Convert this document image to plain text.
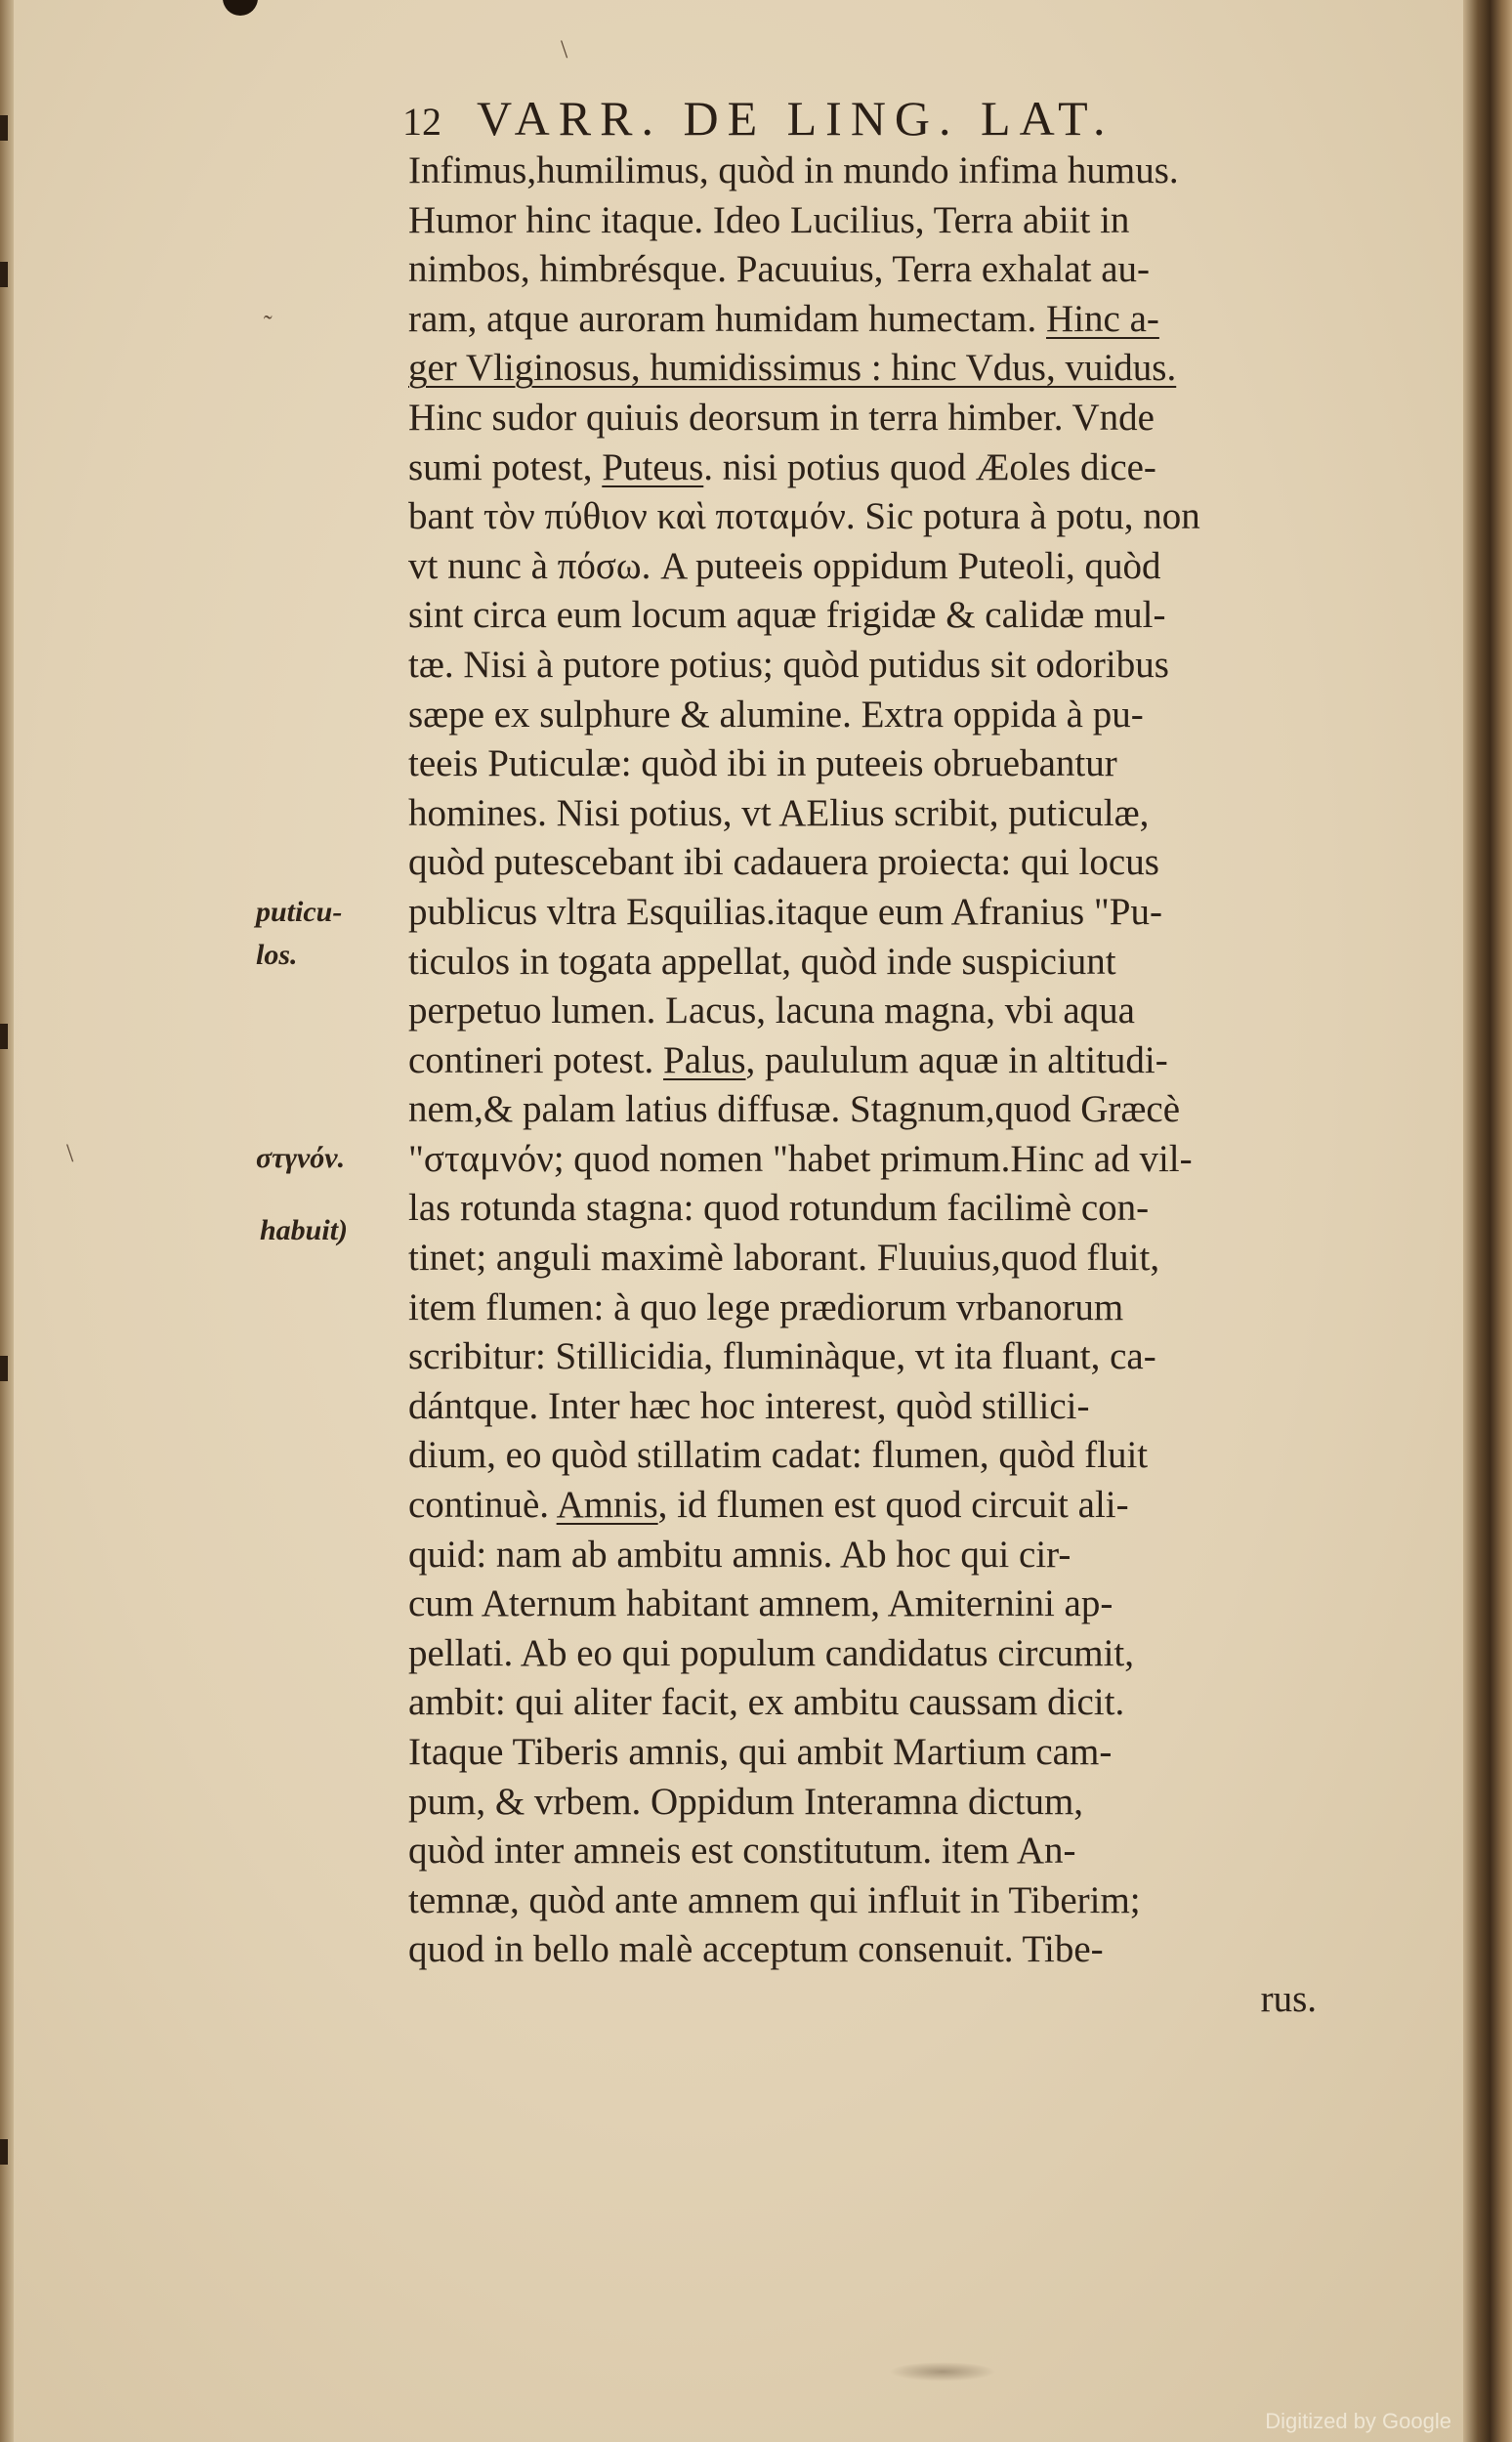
12 VARR. DE LING. LAT.
Infimus,humilimus, quòd in mundo infima humus.
Humor hinc itaque. Ideo Lucilius, Terra abiit in
nimbos, himbrésque. Pacuuius, Terra exhalat au-
ram, atque auroram humidam humectam. Hinc a-
ger Vliginosus, humidissimus : hinc Vdus, vuidus.
Hinc sudor quiuis deorsum in terra himber. Vnde
sumi potest, Puteus. nisi potius quod Æoles dice-
bant τὸν πύθιον καὶ ποταμόν. Sic potura à potu, non
vt nunc à πόσω. A puteeis oppidum Puteoli, quòd
sint circa eum locum aquæ frigidæ & calidæ mul-
tæ. Nisi à putore potius; quòd putidus sit odoribus
sæpe ex sulphure & alumine. Extra oppida à pu-
teeis Puticulæ: quòd ibi in puteeis obruebantur
homines. Nisi potius, vt AElius scribit, puticulæ,
quòd putescebant ibi cadauera proiecta: qui locus
publicus vltra Esquilias.itaque eum Afranius "Pu-
ticulos in togata appellat, quòd inde suspiciunt
perpetuo lumen. Lacus, lacuna magna, vbi aqua
contineri potest. Palus, paululum aquæ in altitudi-
nem,& palam latius diffusæ. Stagnum,quod Græcè
"σταμνόν; quod nomen "habet primum.Hinc ad vil-
las rotunda stagna: quod rotundum facilimè con-
tinet; anguli maximè laborant. Fluuius,quod fluit,
item flumen: à quo lege prædiorum vrbanorum
scribitur: Stillicidia, fluminàque, vt ita fluant, ca-
dántque. Inter hæc hoc interest, quòd stillici-
dium, eo quòd stillatim cadat: flumen, quòd fluit
continuè. Amnis, id flumen est quod circuit ali-
quid: nam ab ambitu amnis. Ab hoc qui cir-
cum Aternum habitant amnem, Amiternini ap-
pellati. Ab eo qui populum candidatus circumit,
ambit: qui aliter facit, ex ambitu caussam dicit.
Itaque Tiberis amnis, qui ambit Martium cam-
pum, & vrbem. Oppidum Interamna dictum,
quòd inter amneis est constitutum. item An-
temnæ, quòd ante amnem qui influit in Tiberim;
quod in bello malè acceptum consenuit. Tibe-
rus.
puticu-
los.
στγνόν.
habuit)
˜
\
\
Digitized by Google
